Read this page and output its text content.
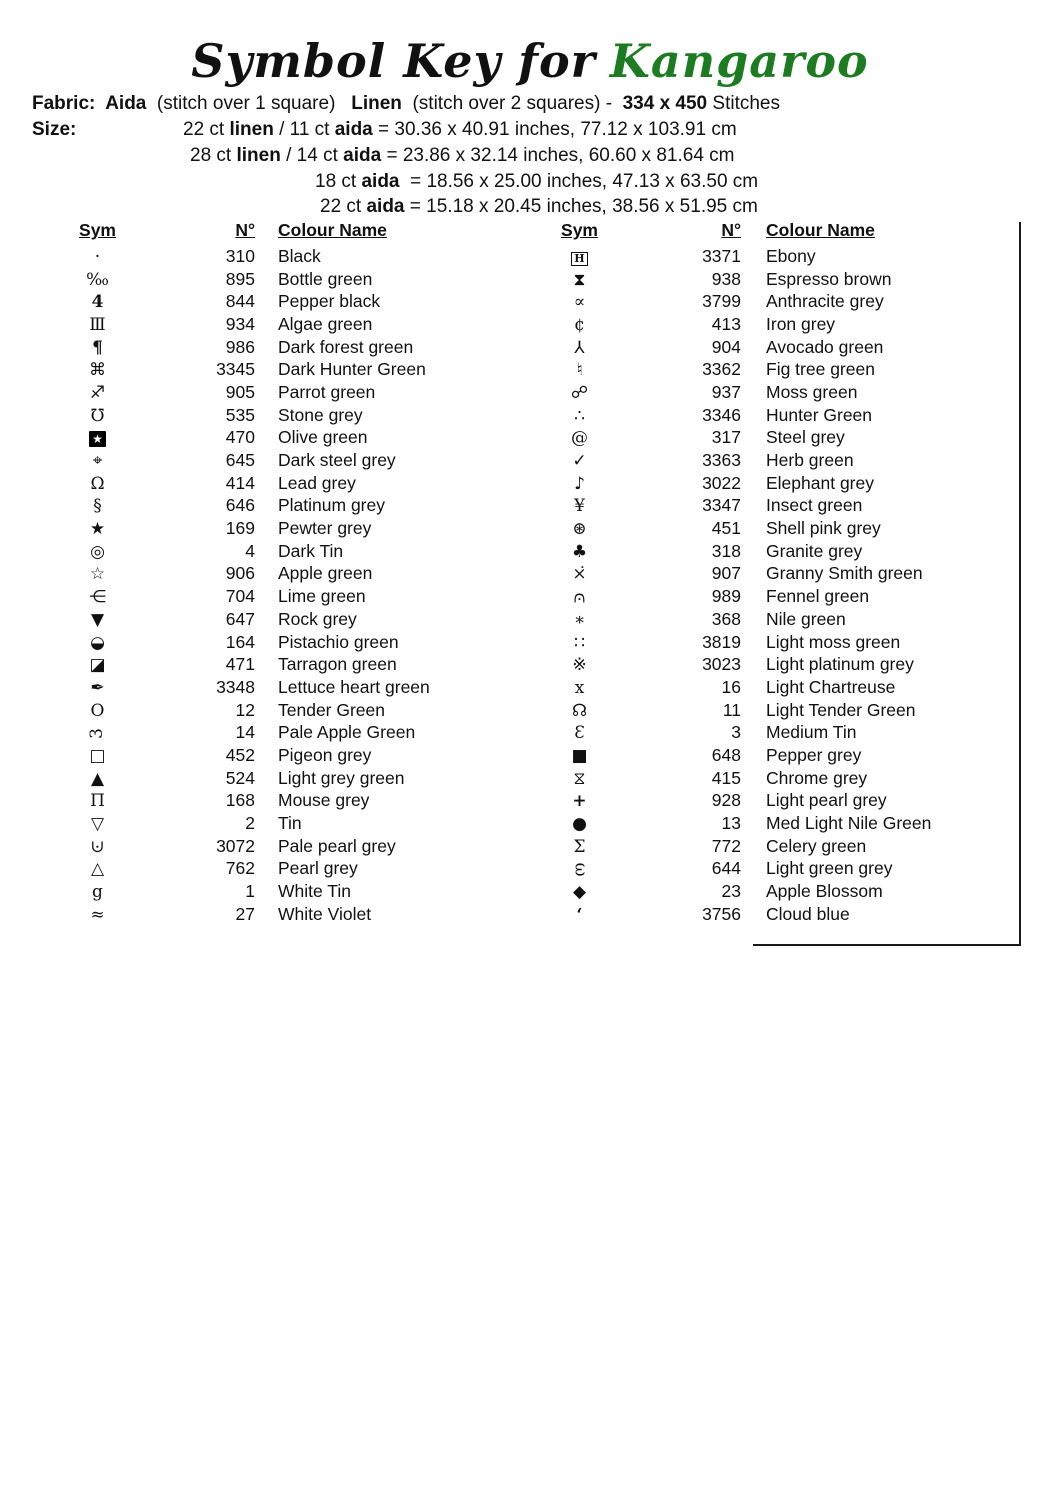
Symbol Key for Kangaroo
Fabric:  Aida  (stitch over 1 square)   Linen  (stitch over 2 squares) -  334 x 450 Stitches
Size:	22 ct linen / 11 ct aida = 30.36 x 40.91 inches, 77.12 x 103.91 cm
28 ct linen / 14 ct aida = 23.86 x 32.14 inches, 60.60 x 81.64 cm
18 ct aida  = 18.56 x 25.00 inches, 47.13 x 63.50 cm
22 ct aida = 15.18 x 20.45 inches, 38.56 x 51.95 cm
Sym	N°	Colour Name
·	310	Black
‰	895	Bottle green
4	844	Pepper black
Ⅲ	934	Algae green
¶	986	Dark forest green
⌘	3345	Dark Hunter Green
♐	905	Parrot green
℧	535	Stone grey
★	470	Olive green
⌖	645	Dark steel grey
Ω	414	Lead grey
§	646	Platinum grey
★	169	Pewter grey
◎	4	Dark Tin
☆	906	Apple green
⋲	704	Lime green
▼	647	Rock grey
◒	164	Pistachio green
◪	471	Tarragon green
✒	3348	Lettuce heart green
O	12	Tender Green
3	14	Pale Apple Green
□	452	Pigeon grey
▲	524	Light grey green
Π	168	Mouse grey
▽	2	Tin
⊍	3072	Pale pearl grey
△	762	Pearl grey
g	1	White Tin
≈	27	White Violet
Sym	N°	Colour Name
H	3371	Ebony
⧗	938	Espresso brown
∝	3799	Anthracite grey
¢	413	Iron grey
⅄	904	Avocado green
♮	3362	Fig tree green
☍	937	Moss green
∴	3346	Hunter Green
@	317	Steel grey
✓	3363	Herb green
♪	3022	Elephant grey
¥	3347	Insect green
⊛	451	Shell pink grey
♣	318	Granite grey
×̇	907	Granny Smith green
⩀	989	Fennel green
∗	368	Nile green
∷	3819	Light moss green
※	3023	Light platinum grey
x	16	Light Chartreuse
☊	11	Light Tender Green
Ɛ	3	Medium Tin
■	648	Pepper grey
⧖	415	Chrome grey
+	928	Light pearl grey
●	13	Med Light Nile Green
Σ	772	Celery green
ω	644	Light green grey
◆	23	Apple Blossom
‘	3756	Cloud blue
